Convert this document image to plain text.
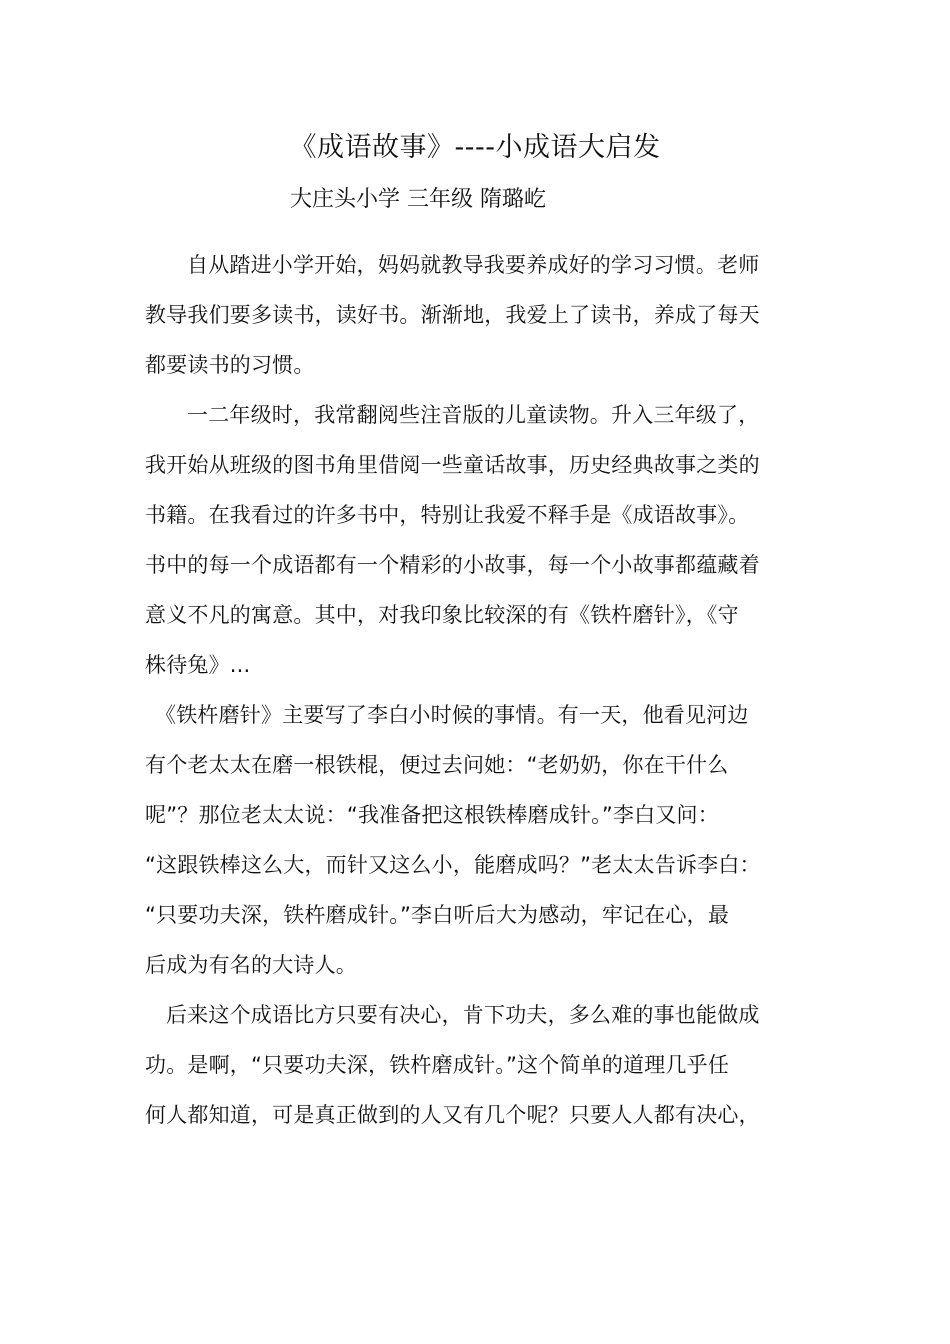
《成语故事》----小成语大启发
大庄头小学 三年级 隋璐屹
自从踏进小学开始，妈妈就教导我要养成好的学习习惯。老师
教导我们要多读书，读好书。渐渐地，我爱上了读书，养成了每天
都要读书的习惯。
一二年级时，我常翻阅些注音版的儿童读物。升入三年级了，
我开始从班级的图书角里借阅一些童话故事，历史经典故事之类的
书籍。在我看过的许多书中，特别让我爱不释手是《成语故事》。
书中的每一个成语都有一个精彩的小故事，每一个小故事都蕴藏着
意义不凡的寓意。其中，对我印象比较深的有《铁杵磨针》，《守
株待兔》...
《铁杵磨针》主要写了李白小时候的事情。有一天，他看见河边
有个老太太在磨一根铁棍，便过去问她：“老奶奶，你在干什么
呢”？那位老太太说：“我准备把这根铁棒磨成针。”李白又问：
“这跟铁棒这么大，而针又这么小，能磨成吗？”老太太告诉李白：
“只要功夫深，铁杵磨成针。”李白听后大为感动，牢记在心，最
后成为有名的大诗人。
后来这个成语比方只要有决心，肯下功夫，多么难的事也能做成
功。是啊，“只要功夫深，铁杵磨成针。”这个简单的道理几乎任
何人都知道，可是真正做到的人又有几个呢？只要人人都有决心，
